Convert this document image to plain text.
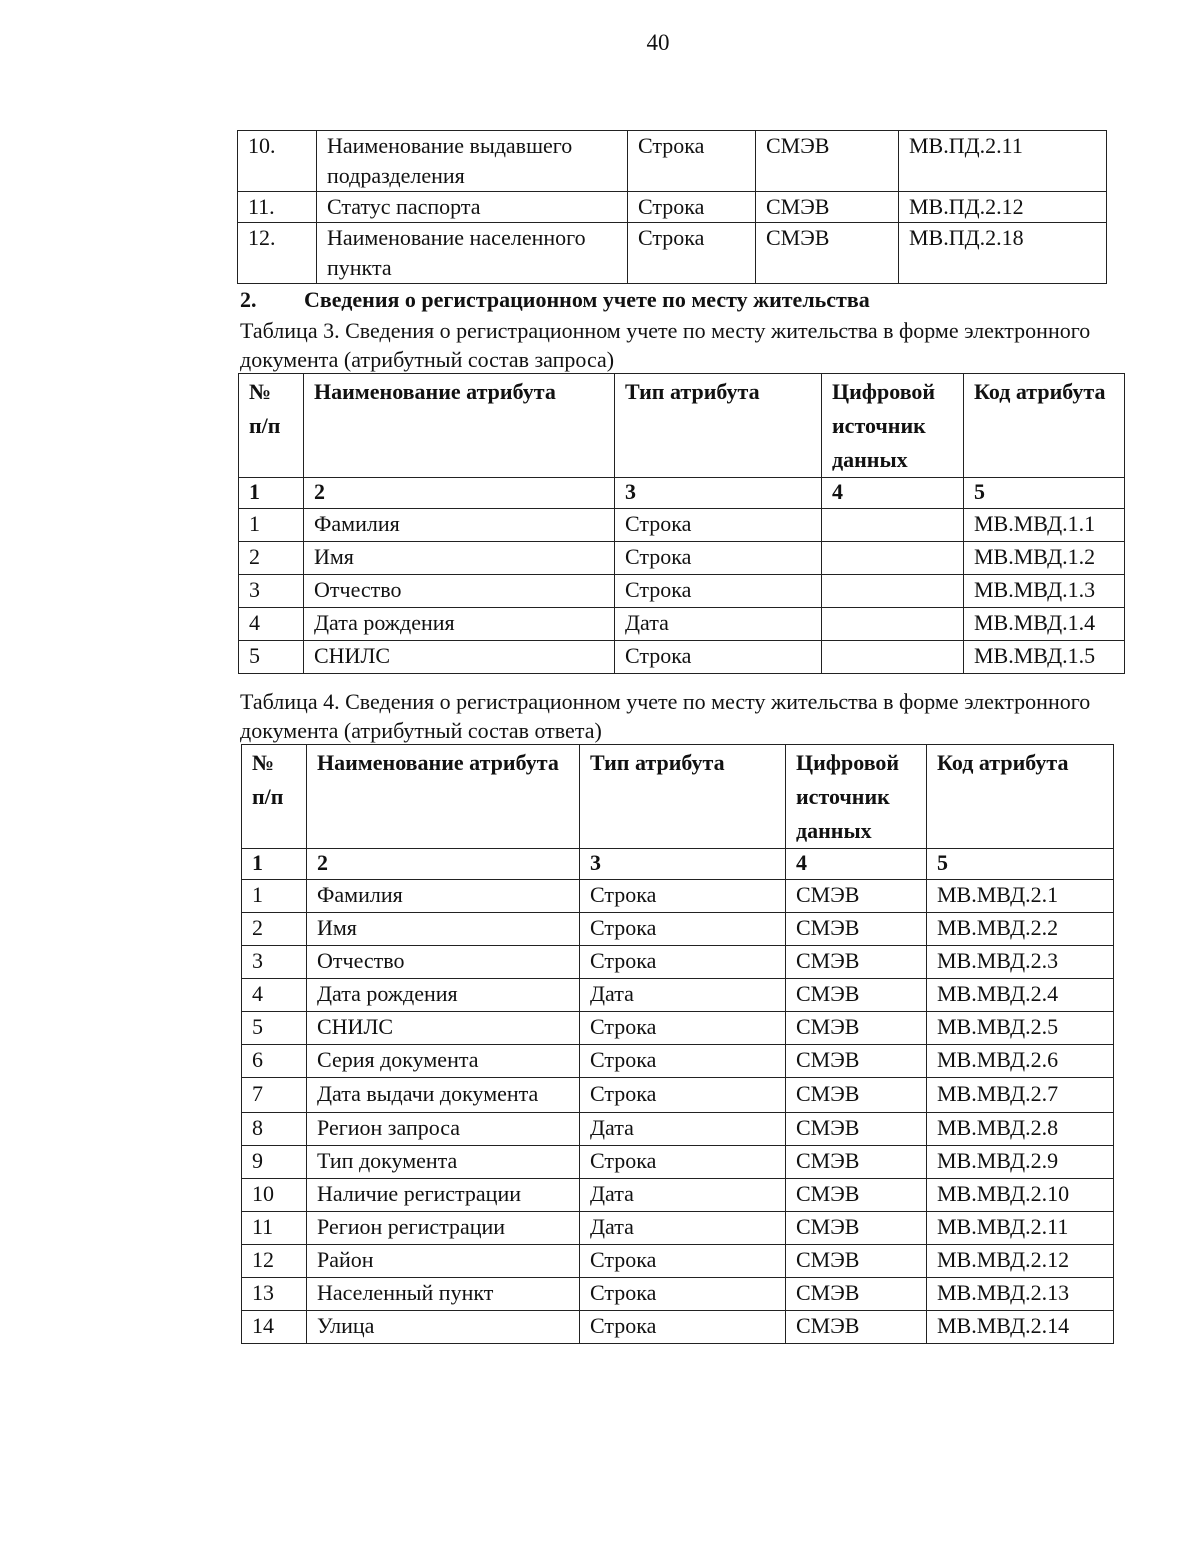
40
10.	Наименование выдавшего подразделения	Строка	СМЭВ	МВ.ПД.2.11
11.	Статус паспорта	Строка	СМЭВ	МВ.ПД.2.12
12.	Наименование населенного пункта	Строка	СМЭВ	МВ.ПД.2.18
2. Сведения о регистрационном учете по месту жительства
Таблица 3. Сведения о регистрационном учете по месту жительства в форме электронного документа (атрибутный состав запроса)
№ п/п	Наименование атрибута	Тип атрибута	Цифровой источник данных	Код атрибута
1	2	3	4	5
1	Фамилия	Строка		МВ.МВД.1.1
2	Имя	Строка		МВ.МВД.1.2
3	Отчество	Строка		МВ.МВД.1.3
4	Дата рождения	Дата		МВ.МВД.1.4
5	СНИЛС	Строка		МВ.МВД.1.5
Таблица 4. Сведения о регистрационном учете по месту жительства в форме электронного документа (атрибутный состав ответа)
№ п/п	Наименование атрибута	Тип атрибута	Цифровой источник данных	Код атрибута
1	2	3	4	5
1	Фамилия	Строка	СМЭВ	МВ.МВД.2.1
2	Имя	Строка	СМЭВ	МВ.МВД.2.2
3	Отчество	Строка	СМЭВ	МВ.МВД.2.3
4	Дата рождения	Дата	СМЭВ	МВ.МВД.2.4
5	СНИЛС	Строка	СМЭВ	МВ.МВД.2.5
6	Серия документа	Строка	СМЭВ	МВ.МВД.2.6
7	Дата выдачи документа	Строка	СМЭВ	МВ.МВД.2.7
8	Регион запроса	Дата	СМЭВ	МВ.МВД.2.8
9	Тип документа	Строка	СМЭВ	МВ.МВД.2.9
10	Наличие регистрации	Дата	СМЭВ	МВ.МВД.2.10
11	Регион регистрации	Дата	СМЭВ	МВ.МВД.2.11
12	Район	Строка	СМЭВ	МВ.МВД.2.12
13	Населенный пункт	Строка	СМЭВ	МВ.МВД.2.13
14	Улица	Строка	СМЭВ	МВ.МВД.2.14
